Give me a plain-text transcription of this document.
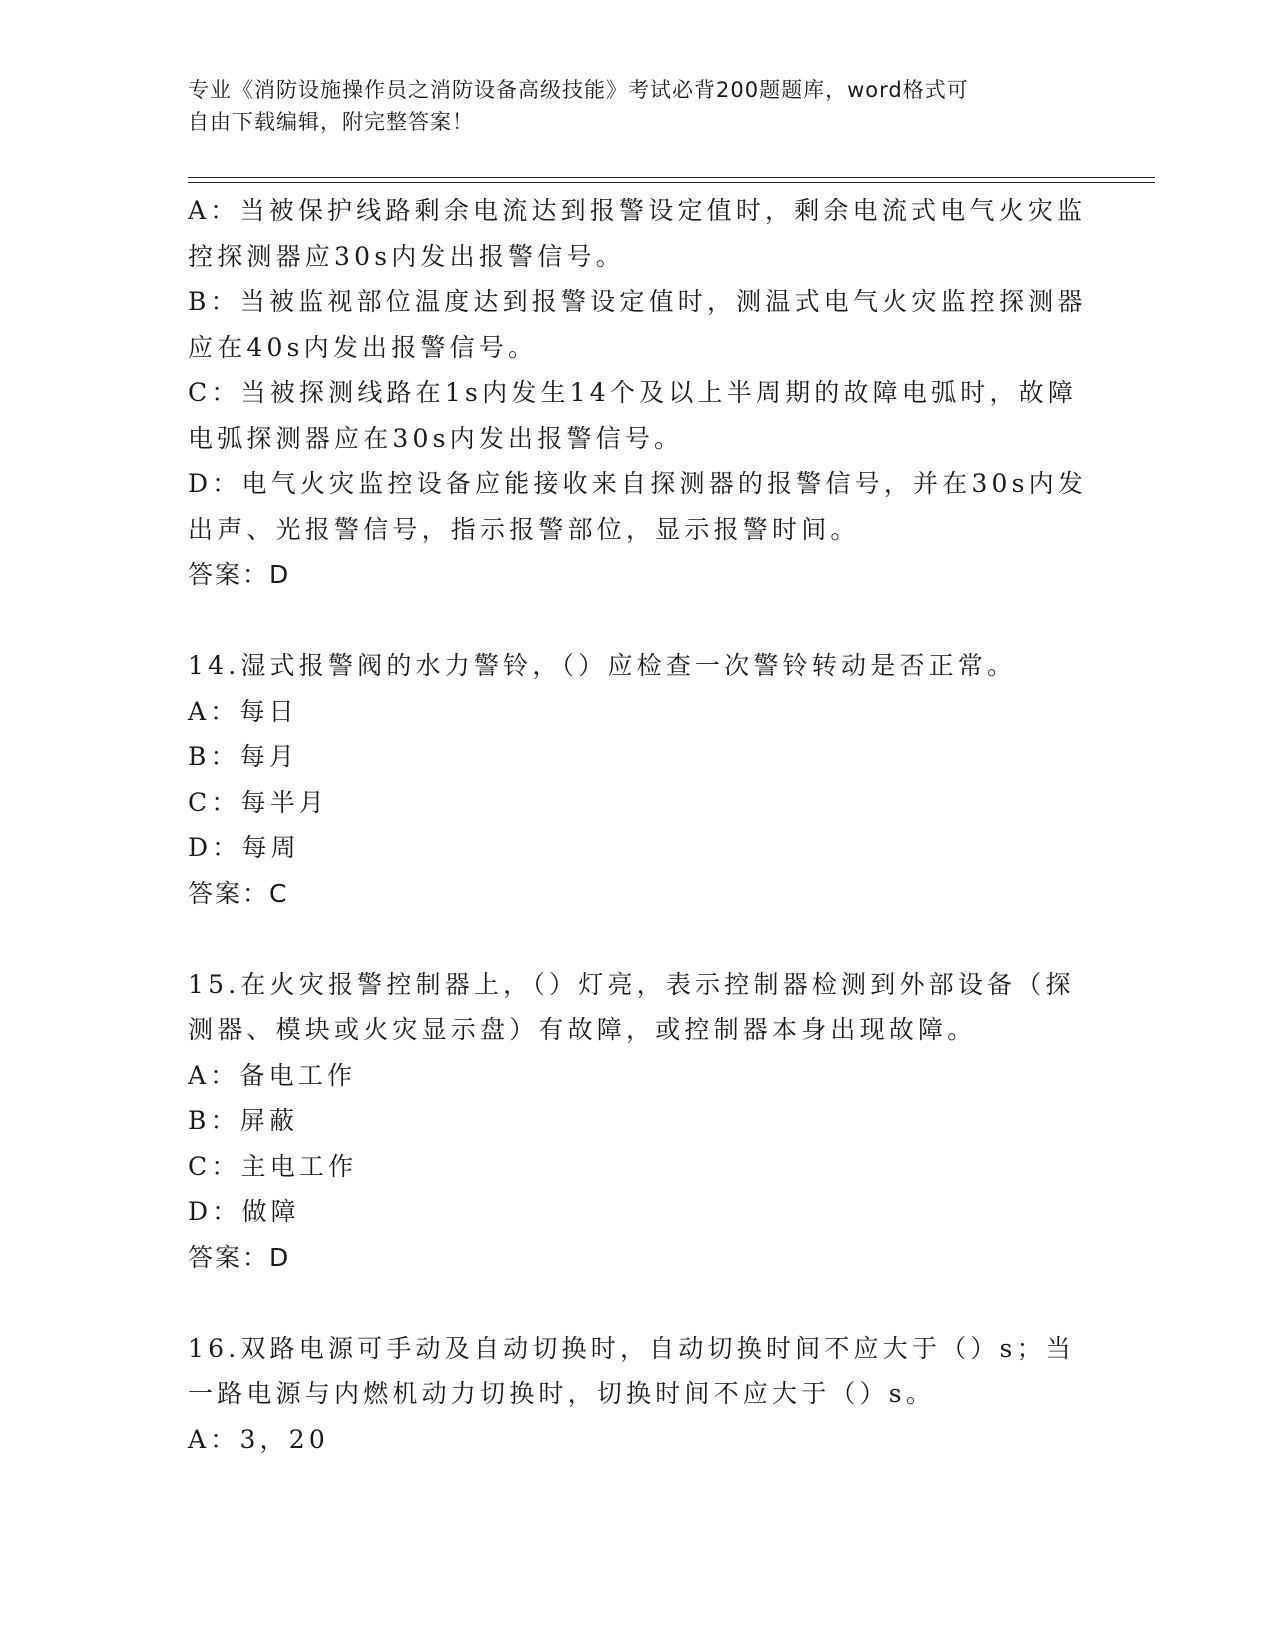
专业《消防设施操作员之消防设备高级技能》考试必背200题题库，word格式可
自由下载编辑，附完整答案！
A：当被保护线路剩余电流达到报警设定值时，剩余电流式电气火灾监
控探测器应30s内发出报警信号。
B：当被监视部位温度达到报警设定值时，测温式电气火灾监控探测器
应在40s内发出报警信号。
C：当被探测线路在1s内发生14个及以上半周期的故障电弧时，故障
电弧探测器应在30s内发出报警信号。
D：电气火灾监控设备应能接收来自探测器的报警信号，并在30s内发
出声、光报警信号，指示报警部位，显示报警时间。
答案：D
14.湿式报警阀的水力警铃，（）应检查一次警铃转动是否正常。
A：每日
B：每月
C：每半月
D：每周
答案：C
15.在火灾报警控制器上，（）灯亮，表示控制器检测到外部设备（探
测器、模块或火灾显示盘）有故障，或控制器本身出现故障。
A：备电工作
B：屏蔽
C：主电工作
D：做障
答案：D
16.双路电源可手动及自动切换时，自动切换时间不应大于（）s；当
一路电源与内燃机动力切换时，切换时间不应大于（）s。
A：3，20
